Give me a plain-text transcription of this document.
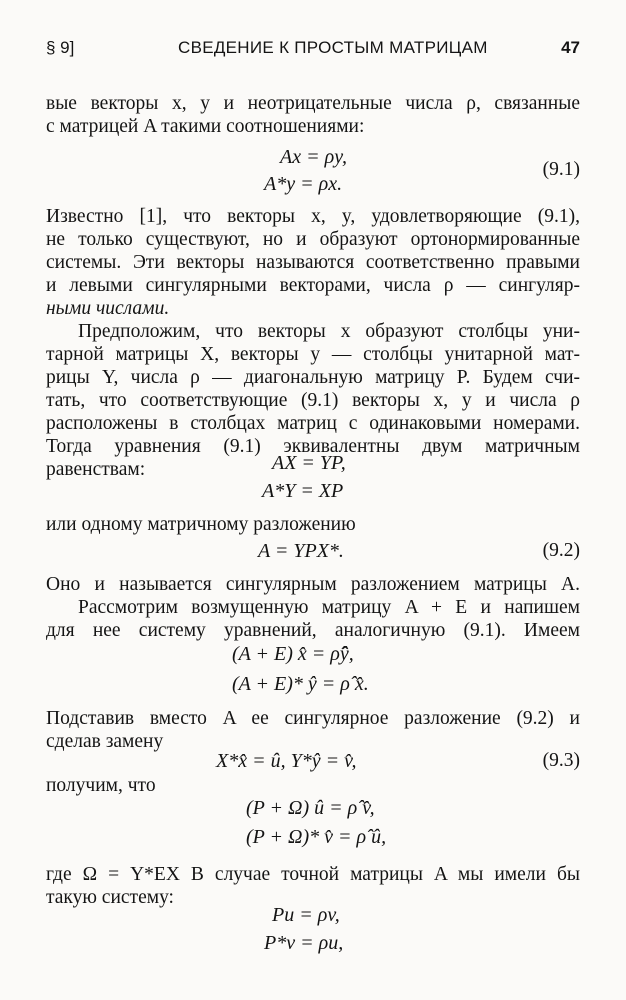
§ 9]	СВЕДЕНИЕ К ПРОСТЫМ МАТРИЦАМ	47
вые векторы x, y и неотрицательные числа ρ, связанные
с матрицей A такими соотношениями:
Ax = ρy,
A*y = ρx.
(9.1)
Известно [1], что векторы x, y, удовлетворяющие (9.1),
не только существуют, но и образуют ортонормированные
системы. Эти векторы называются соответственно правыми
и левыми сингулярными векторами, числа ρ — сингуляр-
ными числами.
Предположим, что векторы x образуют столбцы уни-
тарной матрицы X, векторы y — столбцы унитарной мат-
рицы Y, числа ρ — диагональную матрицу P. Будем счи-
тать, что соответствующие (9.1) векторы x, y и числа ρ
расположены в столбцах матриц с одинаковыми номерами.
Тогда уравнения (9.1) эквивалентны двум матричным
равенствам:	AX = YP,
A*Y = XP
или одному матричному разложению
A = YPX*.	(9.2)
Оно и называется сингулярным разложением матрицы A.
Рассмотрим возмущенную матрицу A + E и напишем
для нее систему уравнений, аналогичную (9.1). Имеем
(A + E) x̂ = ρ̂ŷ,
(A + E)* ŷ = ρ̂ x̂.
Подставив вместо A ее сингулярное разложение (9.2) и
сделав замену
X*x̂ = û, Y*ŷ = v̂,	(9.3)
получим, что
(P + Ω) û = ρ̂ v̂,
(P + Ω)* v̂ = ρ̂ û,
где Ω = Y*EX В случае точной матрицы A мы имели бы
такую систему:
Pu = ρv,
P*v = ρu,
